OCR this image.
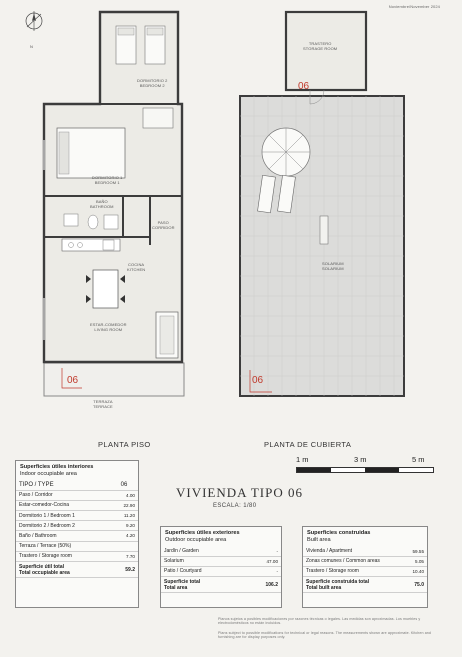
Noviembre/November 2024
N
DORMITORIO 2
BEDROOM 2
DORMITORIO 1
BEDROOM 1
BAÑO
BATHROOM
PASO
CORRIDOR
COCINA
KITCHEN
ESTAR-COMEDOR
LIVING ROOM
TERRAZA
TERRACE
06
PLANTA PISO
TRASTERO
STORAGE ROOM
SOLARIUM
SOLARIUM
06
06
PLANTA DE CUBIERTA
1 m	3 m	5 m
VIVIENDA TIPO 06
ESCALA: 1/80
Superficies útiles interiores
Indoor occupiable area
TIPO / TYPE	06
Paso / Corridor	4.00
Estar-comedor-Cocina	22.90
Dormitorio 1 / Bedroom 1	11.20
Dormitorio 2 / Bedroom 2	9.20
Baño / Bathroom	4.20
Terraza / Terrace (50%)	
Trastero / Storage room	7.70

Superficie útil total
Total occupiable area	59.2
Superficies útiles exteriores
Outdoor occupiable area
Jardín / Garden	-
Solarium	47.00
Patio / Courtyard	-

Superficie total
Total area	106.2
Superficies construidas
Built area
Vivienda / Apartment	59.55
Zonas comunes / Common areas	5.05
Trastero / Storage room	10.40

Superficie construida total
Total built area	75.0
Planos sujetos a posibles modificaciones por razones técnicas o legales. Las medidas son aproximadas. Los muebles y electrodomésticos no están incluidos.
Plans subject to possible modifications for technical or legal reasons. The measurements shown are approximate. Kitchen and furnishing are for display purposes only.
